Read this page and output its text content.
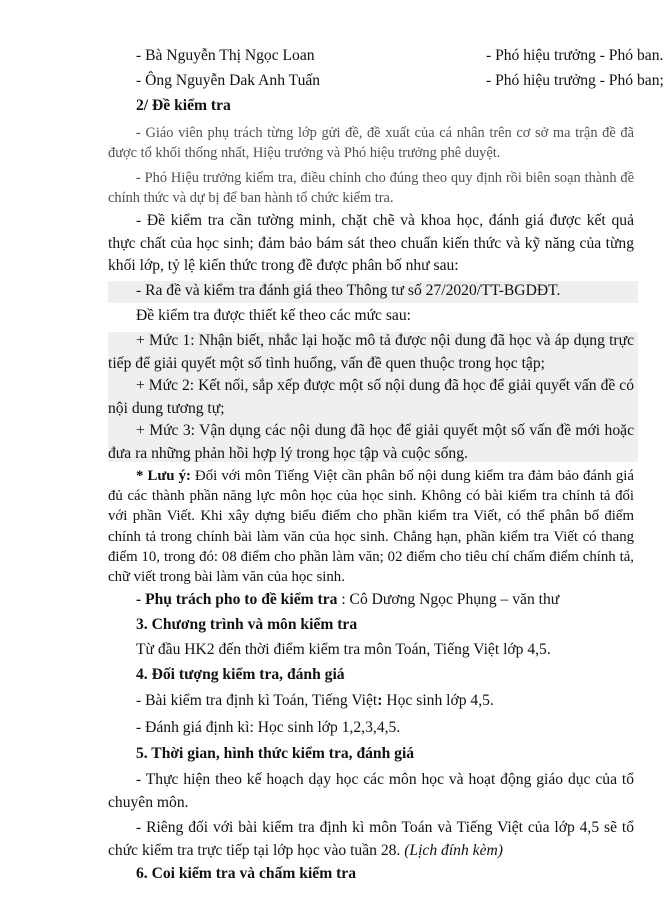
- Bà Nguyễn Thị Ngọc Loan	- Phó hiệu trưởng - Phó ban.

- Ông Nguyễn Dak Anh Tuấn	- Phó hiệu trưởng - Phó ban;

2/ Đề kiểm tra

- Giáo viên phụ trách từng lớp gửi đề, đề xuất của cá nhân trên cơ sở ma trận đề đã được tổ khối thống nhất, Hiệu trưởng và Phó hiệu trưởng phê duyệt.

- Phó Hiệu trưởng kiểm tra, điều chỉnh cho đúng theo quy định rồi biên soạn thành đề chính thức và dự bị để ban hành tổ chức kiểm tra.

- Đề kiểm tra cần tường minh, chặt chẽ và khoa học, đánh giá được kết quả thực chất của học sinh; đảm bảo bám sát theo chuẩn kiến thức và kỹ năng của từng khối lớp, tỷ lệ kiến thức trong đề được phân bố như sau:

- Ra đề và kiểm tra đánh giá theo Thông tư số 27/2020/TT-BGDĐT.

Đề kiểm tra được thiết kế theo các mức sau:

+ Mức 1: Nhận biết, nhắc lại hoặc mô tả được nội dung đã học và áp dụng trực tiếp để giải quyết một số tình huống, vấn đề quen thuộc trong học tập;

+ Mức 2: Kết nối, sắp xếp được một số nội dung đã học để giải quyết vấn đề có nội dung tương tự;

+ Mức 3: Vận dụng các nội dung đã học để giải quyết một số vấn đề mới hoặc đưa ra những phản hồi hợp lý trong học tập và cuộc sống.

* Lưu ý: Đối với môn Tiếng Việt cần phân bố nội dung kiểm tra đảm bảo đánh giá đủ các thành phần năng lực môn học của học sinh. Không có bài kiểm tra chính tả đối với phần Viết. Khi xây dựng biểu điểm cho phần kiểm tra Viết, có thể phân bố điểm chính tả trong chính bài làm văn của học sinh. Chẳng hạn, phần kiểm tra Viết có thang điểm 10, trong đó: 08 điểm cho phần làm văn; 02 điểm cho tiêu chí chấm điểm chính tả, chữ viết trong bài làm văn của học sinh.

- Phụ trách pho to đề kiểm tra : Cô Dương Ngọc Phụng – văn thư

3. Chương trình và môn kiểm tra

Từ đầu HK2 đến thời điểm kiểm tra môn Toán, Tiếng Việt lớp 4,5.

4. Đối tượng kiểm tra, đánh giá

- Bài kiểm tra định kì Toán, Tiếng Việt: Học sinh lớp 4,5.

- Đánh giá định kì: Học sinh lớp 1,2,3,4,5.

5. Thời gian, hình thức kiểm tra, đánh giá

- Thực hiện theo kế hoạch dạy học các môn học và hoạt động giáo dục của tổ chuyên môn.

- Riêng đối với bài kiểm tra định kì môn Toán và Tiếng Việt của lớp 4,5 sẽ tổ chức kiểm tra trực tiếp tại lớp học vào tuần 28. (Lịch đính kèm)

6. Coi kiểm tra và chấm kiểm tra
